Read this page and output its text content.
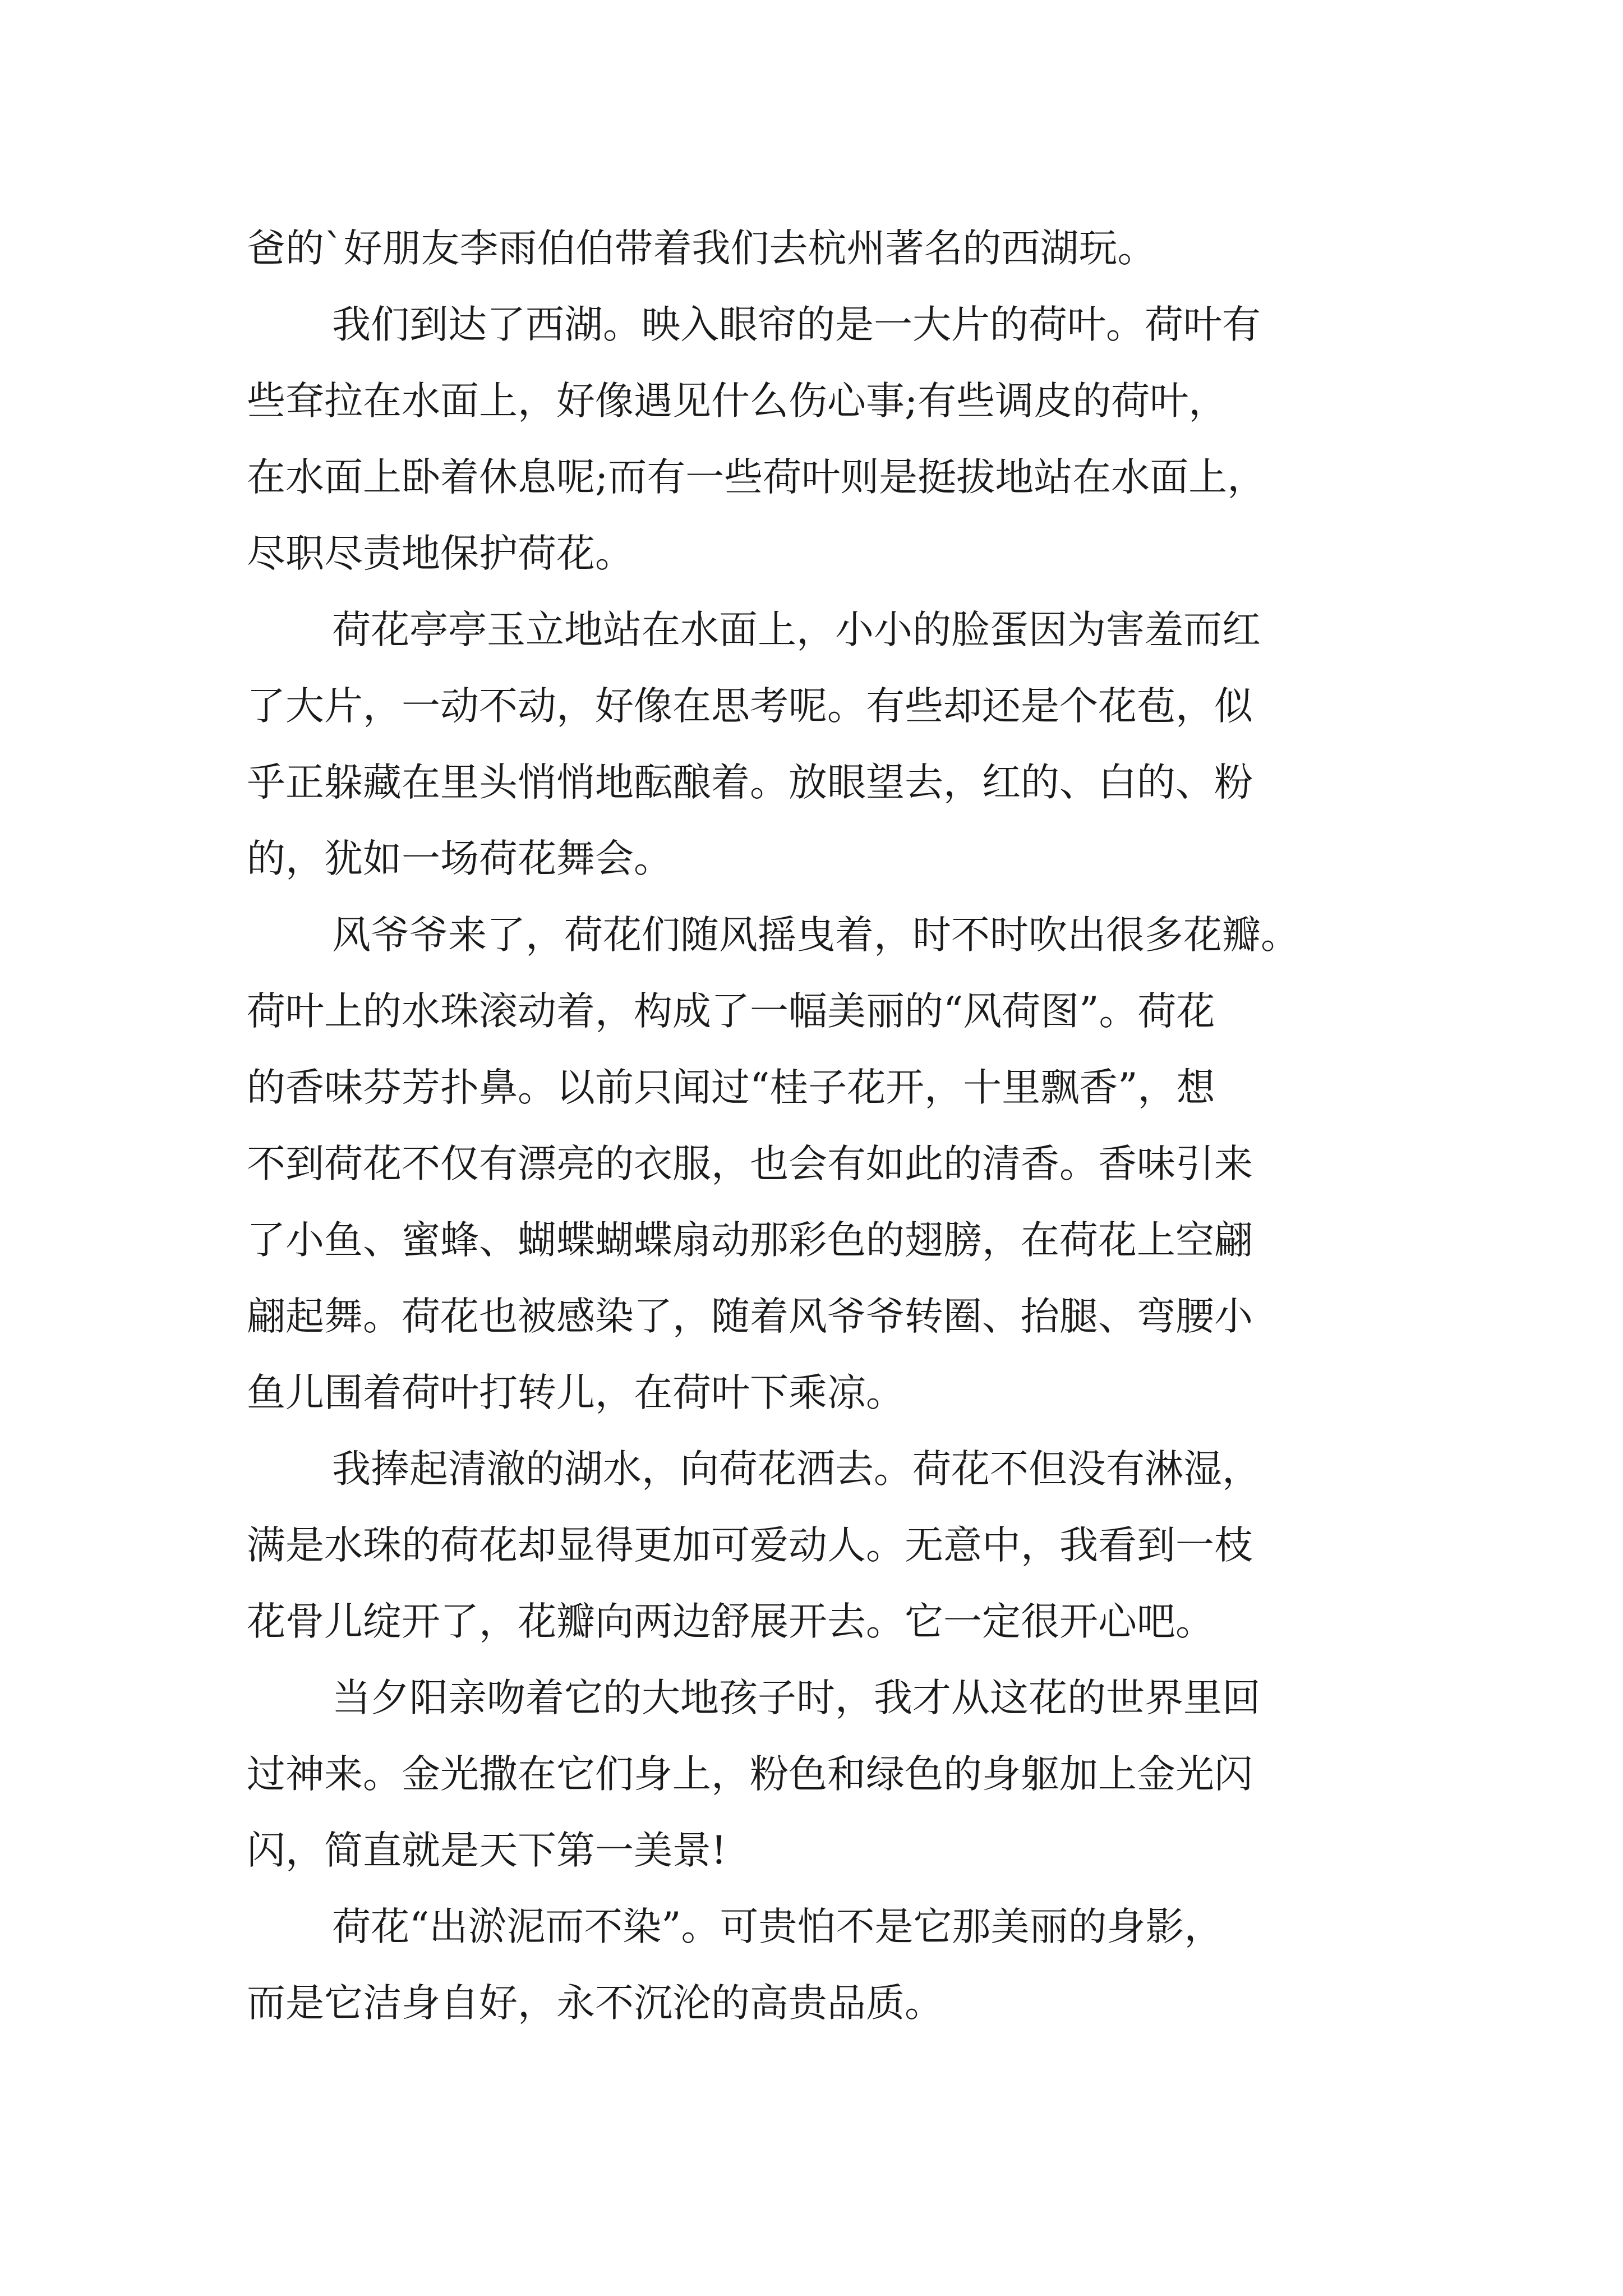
爸的`好朋友李雨伯伯带着我们去杭州著名的西湖玩。
我们到达了西湖。映入眼帘的是一大片的荷叶。荷叶有
些耷拉在水面上，好像遇见什么伤心事;有些调皮的荷叶，
在水面上卧着休息呢;而有一些荷叶则是挺拔地站在水面上，
尽职尽责地保护荷花。
荷花亭亭玉立地站在水面上，小小的脸蛋因为害羞而红
了大片，一动不动，好像在思考呢。有些却还是个花苞，似
乎正躲藏在里头悄悄地酝酿着。放眼望去，红的、白的、粉
的，犹如一场荷花舞会。
风爷爷来了，荷花们随风摇曳着，时不时吹出很多花瓣。
荷叶上的水珠滚动着，构成了一幅美丽的“风荷图”。荷花
的香味芬芳扑鼻。以前只闻过“桂子花开，十里飘香”，想
不到荷花不仅有漂亮的衣服，也会有如此的清香。香味引来
了小鱼、蜜蜂、蝴蝶蝴蝶扇动那彩色的翅膀，在荷花上空翩
翩起舞。荷花也被感染了，随着风爷爷转圈、抬腿、弯腰小
鱼儿围着荷叶打转儿，在荷叶下乘凉。
我捧起清澈的湖水，向荷花洒去。荷花不但没有淋湿，
满是水珠的荷花却显得更加可爱动人。无意中，我看到一枝
花骨儿绽开了，花瓣向两边舒展开去。它一定很开心吧。
当夕阳亲吻着它的大地孩子时，我才从这花的世界里回
过神来。金光撒在它们身上，粉色和绿色的身躯加上金光闪
闪，简直就是天下第一美景!
荷花“出淤泥而不染”。可贵怕不是它那美丽的身影，
而是它洁身自好，永不沉沦的高贵品质。
